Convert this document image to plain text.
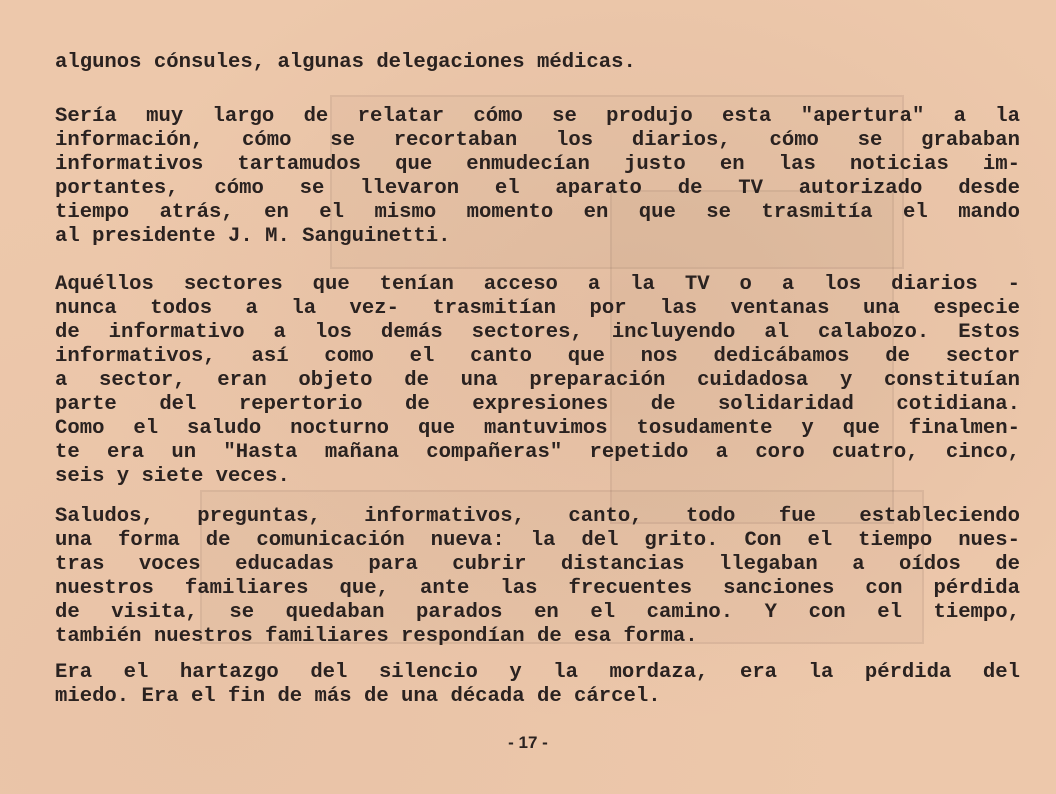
algunos cónsules, algunas delegaciones médicas.
Sería muy largo de relatar cómo se produjo esta "apertura" a la
información, cómo se recortaban los diarios, cómo se grababan
informativos tartamudos que enmudecían justo en las noticias im-
portantes, cómo se llevaron el aparato de TV autorizado desde
tiempo atrás, en el mismo momento en que se trasmitía el mando
al presidente J. M. Sanguinetti.
Aquéllos sectores que tenían acceso a la TV o a los diarios -
nunca todos a la vez- trasmitían por las ventanas una especie
de informativo a los demás sectores, incluyendo al calabozo. Estos
informativos, así como el canto que nos dedicábamos de sector
a sector, eran objeto de una preparación cuidadosa y constituían
parte del repertorio de expresiones de solidaridad cotidiana.
Como el saludo nocturno que mantuvimos tosudamente y que finalmen-
te era un "Hasta mañana compañeras" repetido a coro cuatro, cinco,
seis y siete veces.
Saludos, preguntas, informativos, canto, todo fue estableciendo
una forma de comunicación nueva: la del grito. Con el tiempo nues-
tras voces educadas para cubrir distancias llegaban a oídos de
nuestros familiares que, ante las frecuentes sanciones con pérdida
de visita, se quedaban parados en el camino. Y con el tiempo,
también nuestros familiares respondían de esa forma.
Era el hartazgo del silencio y la mordaza, era la pérdida del
miedo. Era el fin de más de una década de cárcel.
- 17 -
